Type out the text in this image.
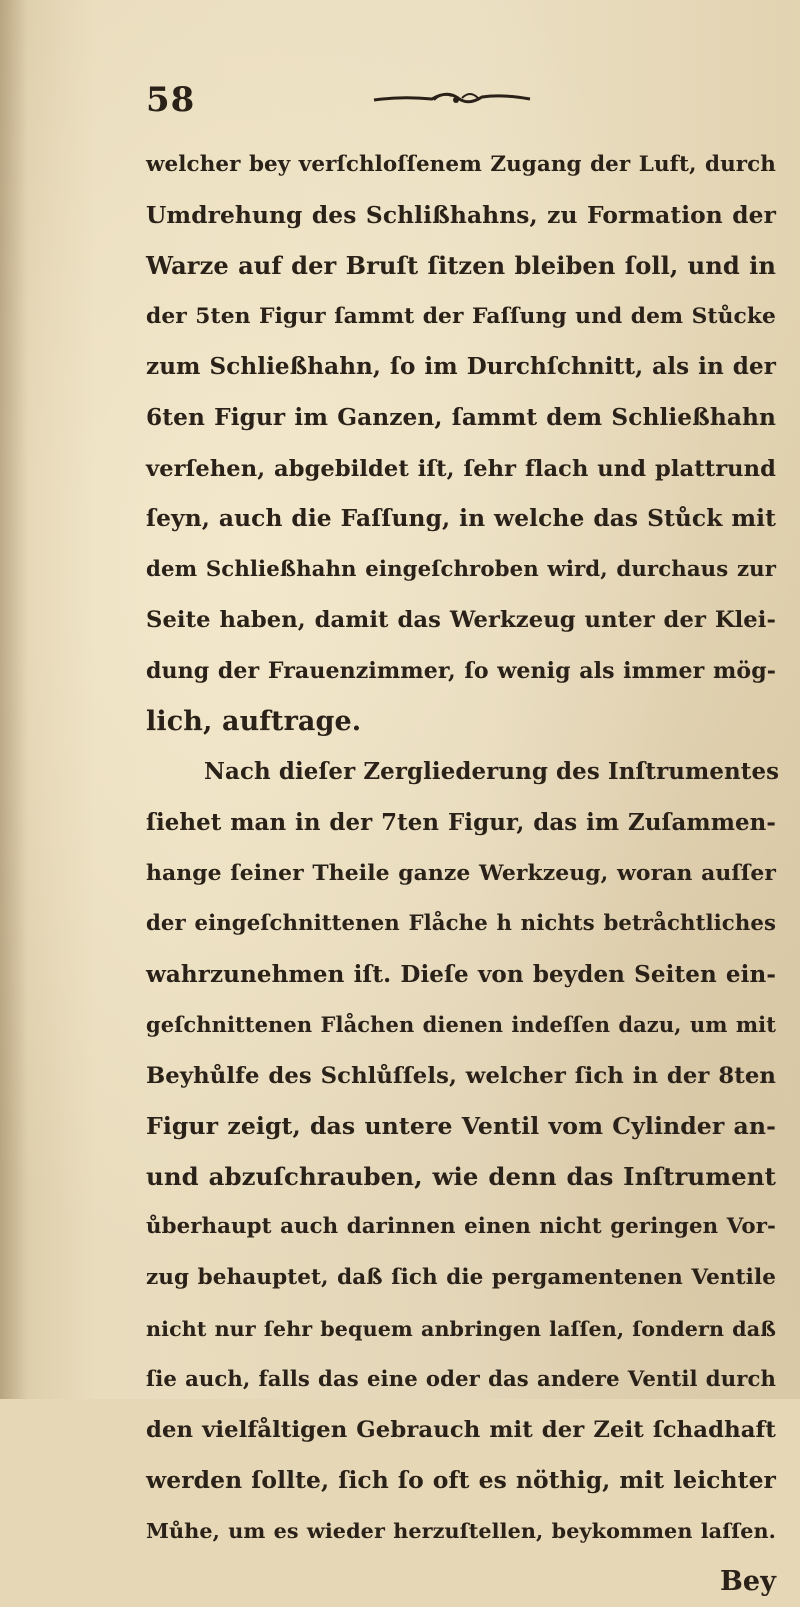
58
welcher bey verſchloſſenem Zugang der Luft, durch
Umdrehung des Schlißhahns, zu Formation der
Warze auf der Bruſt ſitzen bleiben ſoll, und in
der 5ten Figur ſammt der Faſſung und dem Stůcke
zum Schließhahn, ſo im Durchſchnitt, als in der
6ten Figur im Ganzen, ſammt dem Schließhahn
verſehen, abgebildet iſt, ſehr flach und plattrund
ſeyn, auch die Faſſung, in welche das Stůck mit
dem Schließhahn eingeſchroben wird, durchaus zur
Seite haben, damit das Werkzeug unter der Klei-
dung der Frauenzimmer, ſo wenig als immer mög-
lich, auftrage.
Nach dieſer Zergliederung des Inſtrumentes
ſiehet man in der 7ten Figur, das im Zuſammen-
hange ſeiner Theile ganze Werkzeug, woran auſſer
der eingeſchnittenen Flåche h nichts betråchtliches
wahrzunehmen iſt. Dieſe von beyden Seiten ein-
geſchnittenen Flåchen dienen indeſſen dazu, um mit
Beyhůlfe des Schlůſſels, welcher ſich in der 8ten
Figur zeigt, das untere Ventil vom Cylinder an-
und abzuſchrauben, wie denn das Inſtrument
ůberhaupt auch darinnen einen nicht geringen Vor-
zug behauptet, daß ſich die pergamentenen Ventile
nicht nur ſehr bequem anbringen laſſen, ſondern daß
ſie auch, falls das eine oder das andere Ventil durch
den vielfåltigen Gebrauch mit der Zeit ſchadhaft
werden ſollte, ſich ſo oft es nöthig, mit leichter
Můhe, um es wieder herzuſtellen, beykommen laſſen.
Bey
